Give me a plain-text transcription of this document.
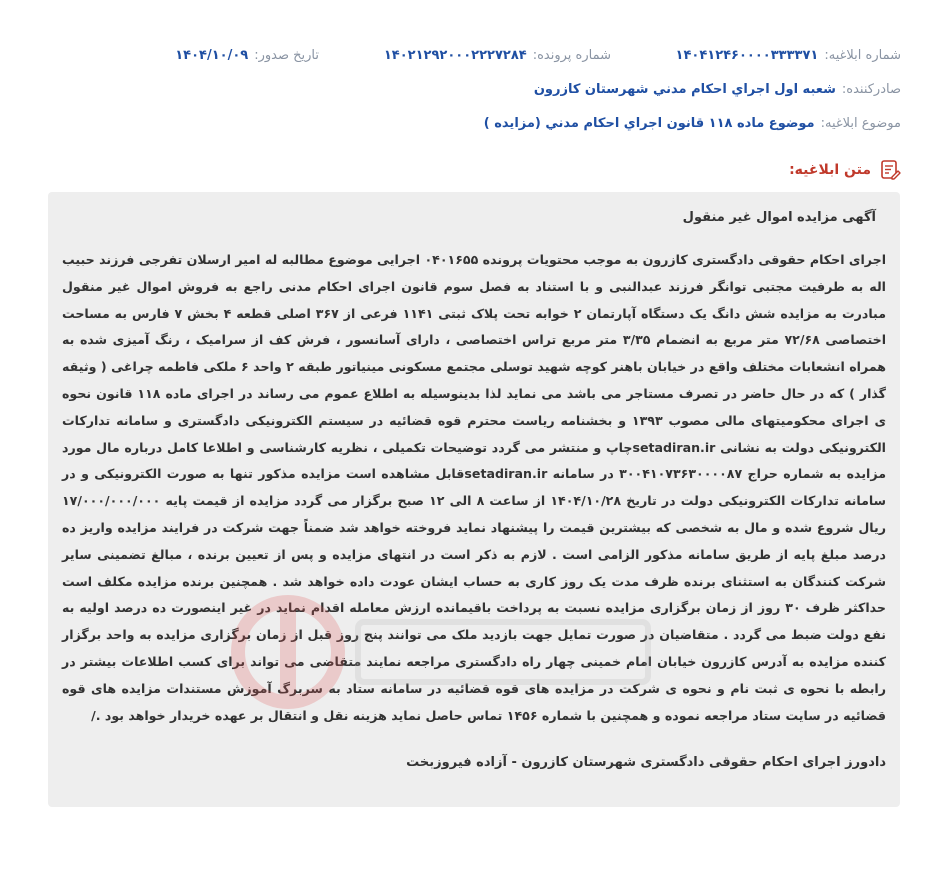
شماره ابلاغیه:
۱۴۰۴۱۲۴۶۰۰۰۰۳۳۳۳۷۱
شماره پرونده:
۱۴۰۲۱۲۹۲۰۰۰۲۲۲۷۲۸۴
تاریخ صدور:
۱۴۰۴/۱۰/۰۹
صادرکننده:
شعبه اول اجراي احكام مدني شهرستان كازرون
موضوع ابلاغیه:
موضوع ماده ۱۱۸ قانون اجراي احكام مدني (مزايده )
متن ابلاغیه:
آگهی مزایده اموال غیر منقول

اجرای احکام حقوقی دادگستری کازرون به موجب محتویات پرونده ۰۴۰۱۶۵۵ اجرایی موضوع مطالبه له امیر ارسلان تفرجی فرزند حبیب اله به طرفیت مجتبی توانگر فرزند عبدالنبی و با استناد به فصل سوم قانون اجرای احکام مدنی راجع به فروش اموال غیر منقول مبادرت به مزایده شش دانگ یک دستگاه آپارتمان ۲ خوابه تحت پلاک ثبتی ۱۱۴۱ فرعی از ۳۶۷ اصلی قطعه ۴ بخش ۷ فارس به مساحت اختصاصی ۷۲/۶۸ متر مربع به انضمام ۳/۳۵ متر مربع تراس اختصاصی ، دارای آسانسور ، فرش کف از سرامیک ، رنگ آمیزی شده به همراه انشعابات مختلف واقع در خیابان باهنر کوچه شهید توسلی مجتمع مسکونی مینیاتور طبقه ۲ واحد ۶ ملکی فاطمه چراغی ( وثیقه گذار ) که در حال حاضر در تصرف مستاجر می باشد می نماید لذا بدینوسیله به اطلاع عموم می رساند در اجرای ماده ۱۱۸ قانون نحوه ی اجرای محکومیتهای مالی مصوب ۱۳۹۳ و بخشنامه ریاست محترم قوه قضائیه در سیستم الکترونیکی دادگستری و سامانه تدارکات الکترونیکی دولت به نشانی setadiran.irچاپ و منتشر می گردد توضیحات تکمیلی ، نظریه کارشناسی و اطلاعا کامل درباره مال مورد مزایده به شماره حراج ۳۰۰۴۱۰۷۳۶۳۰۰۰۰۸۷ در سامانه setadiran.irقابل مشاهده است مزایده مذکور تنها به صورت الکترونیکی و در سامانه تدارکات الکترونیکی دولت در تاریخ ۱۴۰۴/۱۰/۲۸ از ساعت ۸ الی ۱۲ صبح برگزار می گردد مزایده از قیمت پایه ۱۷/۰۰۰/۰۰۰/۰۰۰ ریال شروع شده و مال به شخصی که بیشترین قیمت را پیشنهاد نماید فروخته خواهد شد ضمناً جهت شرکت در فرایند مزایده واریز ده درصد مبلغ پایه از طریق سامانه مذکور الزامی است . لازم به ذکر است در انتهای مزایده و پس از تعیین برنده ، مبالغ تضمینی سایر شرکت کنندگان به استثنای برنده ظرف مدت یک روز کاری به حساب ایشان عودت داده خواهد شد . همچنین برنده مزایده مکلف است حداکثر ظرف ۳۰ روز از زمان برگزاری مزایده نسبت به پرداخت باقیمانده ارزش معامله اقدام نماید در غیر اینصورت ده درصد اولیه به نفع دولت ضبط می گردد . متقاضیان در صورت تمایل جهت بازدید ملک می توانند پنج روز قبل از زمان برگزاری مزایده به واحد برگزار کننده مزایده به آدرس کازرون خیابان امام خمینی چهار راه دادگستری مراجعه نمایند متقاضی می تواند برای کسب اطلاعات بیشتر در رابطه با نحوه ی ثبت نام و نحوه ی شرکت در مزایده های قوه قضائیه در سامانه ستاد به سربرگ آموزش مستندات مزایده های قوه قضائیه در سایت ستاد مراجعه نموده و همچنین با شماره ۱۴۵۶ تماس حاصل نماید هزینه نقل و انتقال بر عهده خریدار خواهد بود ./

دادورز اجرای احکام حقوقی دادگستری شهرستان کازرون - آزاده فیروزبخت
